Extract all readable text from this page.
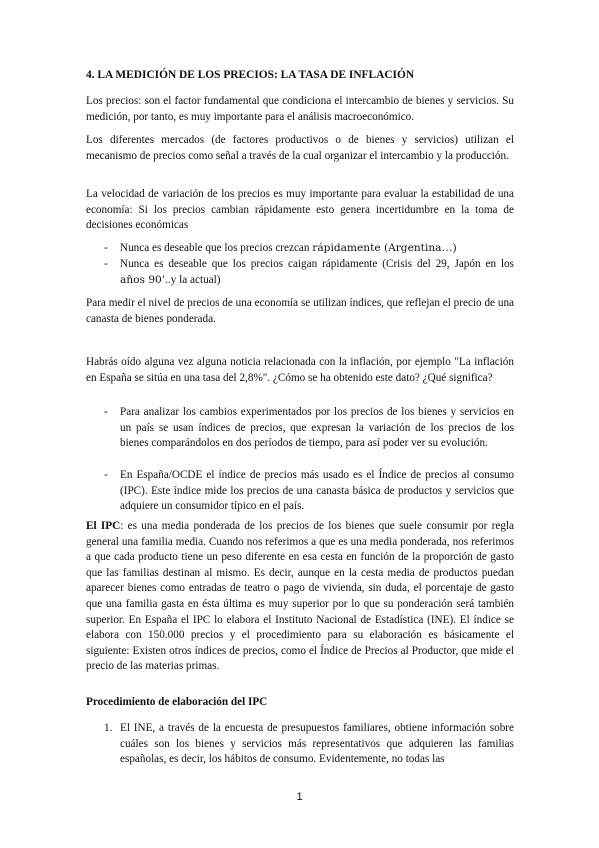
4. LA MEDICIÓN DE LOS PRECIOS: LA TASA DE INFLACIÓN

Los precios: son el factor fundamental que condiciona el intercambio de bienes y servicios. Su medición, por tanto, es muy importante para el análisis macroeconómico.

Los diferentes mercados (de factores productivos o de bienes y servicios) utilizan el mecanismo de precios como señal a través de la cual organizar el intercambio y la producción.

La velocidad de variación de los precios es muy importante para evaluar la estabilidad de una economía: Si los precios cambian rápidamente esto genera incertidumbre en la toma de decisiones económicas

- Nunca es deseable que los precios crezcan rápidamente (Argentina…)

- Nunca es deseable que los precios caigan rápidamente (Crisis del 29, Japón en los años 90’..y la actual)

Para medir el nivel de precios de una economía se utilizan índices, que reflejan el precio de una canasta de bienes ponderada.

Habrás oído alguna vez alguna noticia relacionada con la inflación, por ejemplo "La inflación en España se sitúa en una tasa del 2,8%". ¿Cómo se ha obtenido este dato? ¿Qué significa?

- Para analizar los cambios experimentados por los precios de los bienes y servicios en un país se usan índices de precios, que expresan la variación de los precios de los bienes comparándolos en dos períodos de tiempo, para así poder ver su evolución.

- En España/OCDE el índice de precios más usado es el Índice de precios al consumo (IPC). Este índice mide los precios de una canasta básica de productos y servicios que adquiere un consumidor típico en el país.

El IPC: es una media ponderada de los precios de los bienes que suele consumir por regla general una familia media. Cuando nos referimos a que es una media ponderada, nos referimos a que cada producto tiene un peso diferente en esa cesta en función de la proporción de gasto que las familias destinan al mismo. Es decir, aunque en la cesta media de productos puedan aparecer bienes como entradas de teatro o pago de vivienda, sin duda, el porcentaje de gasto que una familia gasta en ésta última es muy superior por lo que su ponderación será también superior. En España el IPC lo elabora el Instituto Nacional de Estadística (INE). El índice se elabora con 150.000 precios y el procedimiento para su elaboración es básicamente el siguiente: Existen otros índices de precios, como el Índice de Precios al Productor, que mide el precio de las materias primas.

Procedimiento de elaboración del IPC

1. El INE, a través de la encuesta de presupuestos familiares, obtiene información sobre cuáles son los bienes y servicios más representativos que adquieren las familias españolas, es decir, los hábitos de consumo. Evidentemente, no todas las

1
